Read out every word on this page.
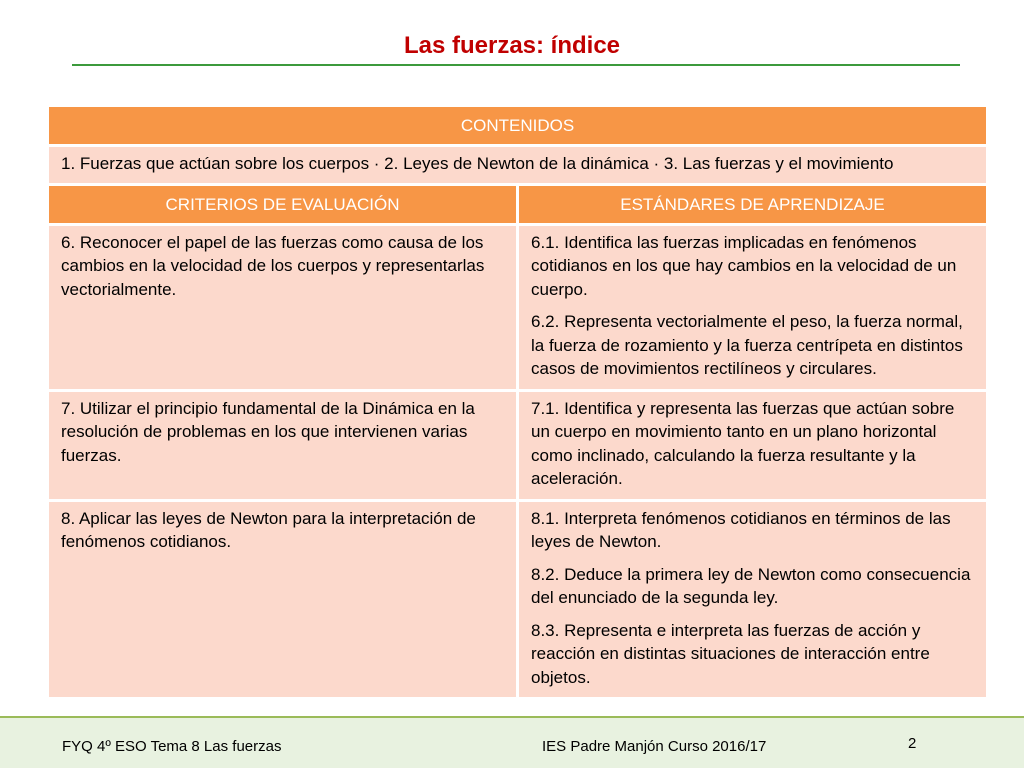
Las fuerzas: índice
CONTENIDOS	

1. Fuerzas que actúan sobre los cuerpos · 2. Leyes de Newton de la dinámica · 3. Las fuerzas y el movimiento	

CRITERIOS DE EVALUACIÓN	ESTÁNDARES DE APRENDIZAJE

6. Reconocer el papel de las fuerzas como causa de los cambios en la velocidad de los cuerpos y representarlas vectorialmente.	6.1. Identifica las fuerzas implicadas en fenómenos cotidianos en los que hay cambios en la velocidad de un cuerpo.

6.2. Representa vectorialmente el peso, la fuerza normal, la fuerza de rozamiento y la fuerza centrípeta en distintos casos de movimientos rectilíneos y circulares.

7. Utilizar el principio fundamental de la Dinámica en la resolución de problemas en los que intervienen varias fuerzas.	7.1. Identifica y representa las fuerzas que actúan sobre un cuerpo en movimiento tanto en un plano horizontal como inclinado, calculando la fuerza resultante y la aceleración.

8. Aplicar las leyes de Newton para la interpretación de fenómenos cotidianos.	8.1. Interpreta fenómenos cotidianos en términos de las leyes de Newton.

8.2. Deduce la primera ley de Newton como consecuencia del enunciado de la segunda ley.

8.3. Representa e interpreta las fuerzas de acción y reacción en distintas situaciones de interacción entre objetos.

FYQ 4º ESO Tema 8 Las fuerzas	IES Padre Manjón Curso 2016/17	2
